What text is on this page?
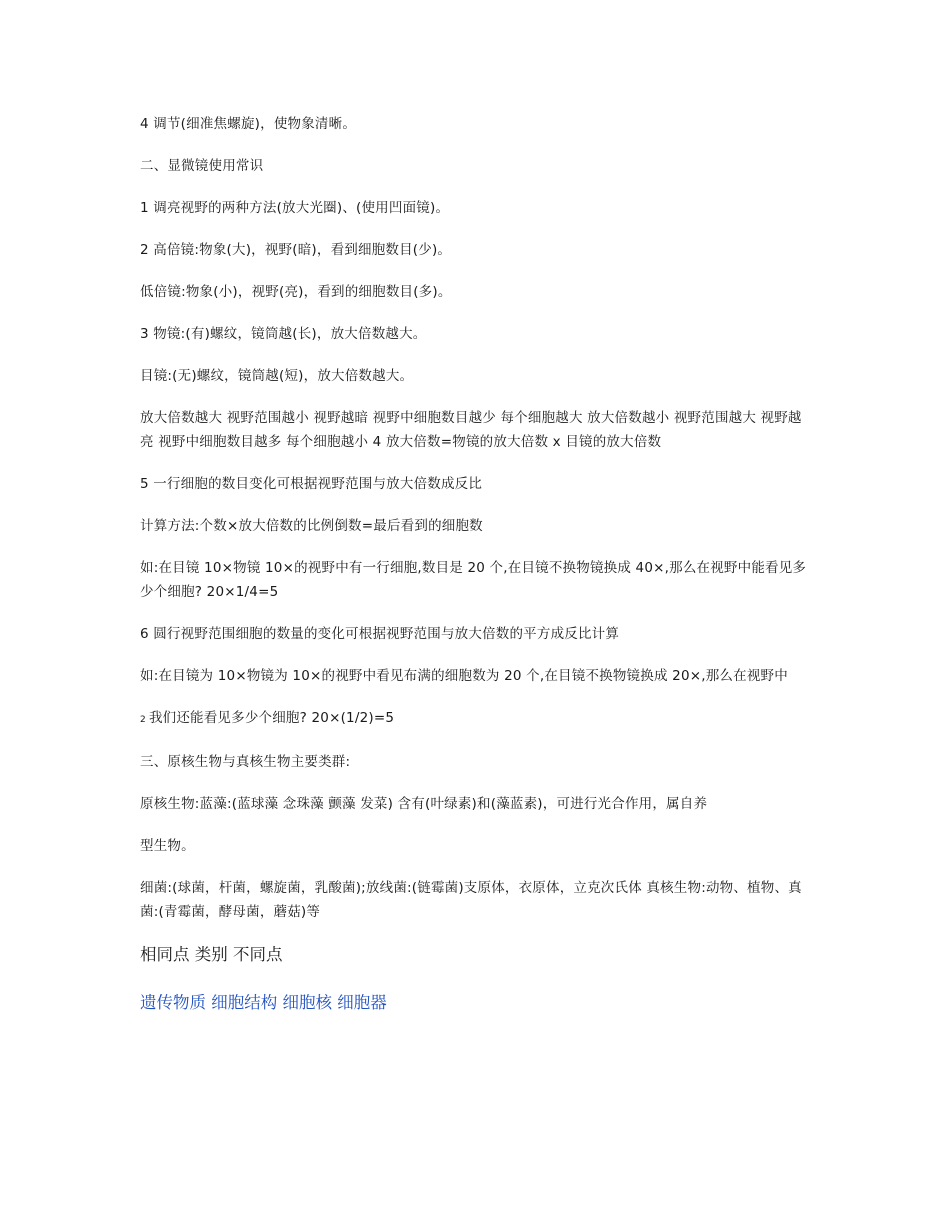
4 调节(细准焦螺旋)，使物象清晰。

二、显微镜使用常识

1 调亮视野的两种方法(放大光圈)、(使用凹面镜)。

2 高倍镜:物象(大)，视野(暗)，看到细胞数目(少)。

低倍镜:物象(小)，视野(亮)，看到的细胞数目(多)。

3 物镜:(有)螺纹，镜筒越(长)，放大倍数越大。

目镜:(无)螺纹，镜筒越(短)，放大倍数越大。

放大倍数越大 视野范围越小 视野越暗 视野中细胞数目越少 每个细胞越大 放大倍数越小 视野范围越大 视野越亮 视野中细胞数目越多 每个细胞越小 4 放大倍数=物镜的放大倍数 x 目镜的放大倍数

5 一行细胞的数目变化可根据视野范围与放大倍数成反比

计算方法:个数×放大倍数的比例倒数=最后看到的细胞数

如:在目镜 10×物镜 10×的视野中有一行细胞,数目是 20 个,在目镜不换物镜换成 40×,那么在视野中能看见多少个细胞? 20×1/4=5

6 圆行视野范围细胞的数量的变化可根据视野范围与放大倍数的平方成反比计算

如:在目镜为 10×物镜为 10×的视野中看见布满的细胞数为 20 个,在目镜不换物镜换成 20×,那么在视野中

2 我们还能看见多少个细胞? 20×(1/2)=5

三、原核生物与真核生物主要类群:

原核生物:蓝藻:(蓝球藻 念珠藻 颤藻 发菜) 含有(叶绿素)和(藻蓝素)，可进行光合作用，属自养

型生物。

细菌:(球菌，杆菌，螺旋菌，乳酸菌);放线菌:(链霉菌)支原体，衣原体，立克次氏体 真核生物:动物、植物、真菌:(青霉菌，酵母菌，蘑菇)等

相同点 类别 不同点

遗传物质 细胞结构 细胞核 细胞器
